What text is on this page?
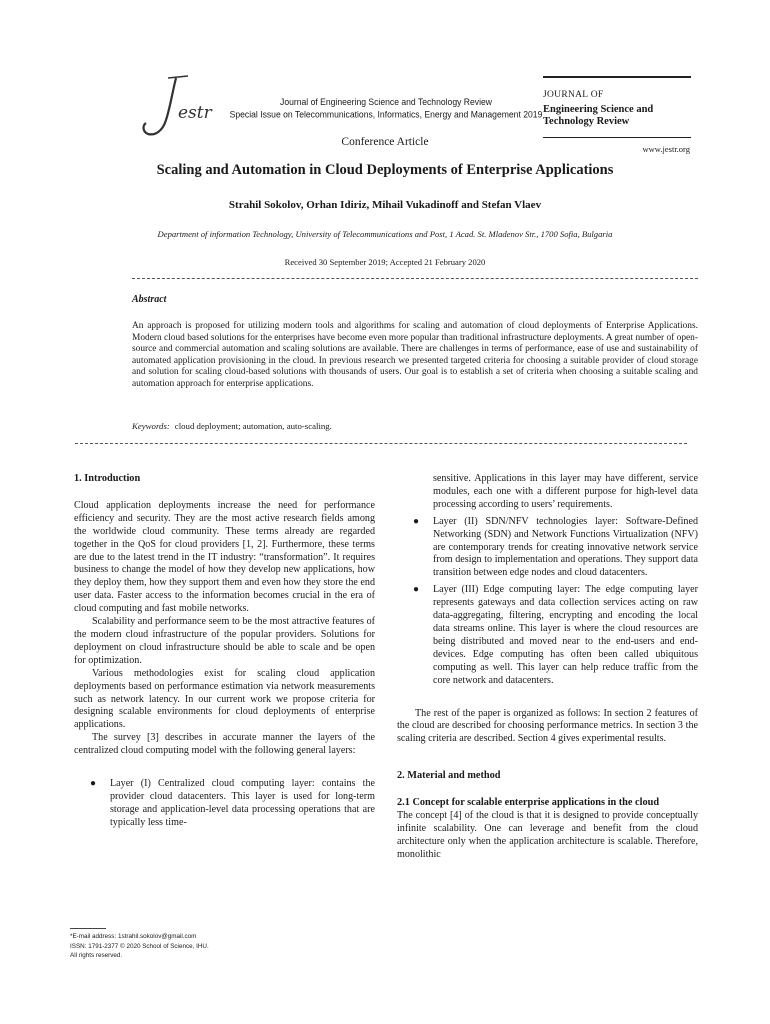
estr
Journal of Engineering Science and Technology Review
Special Issue on Telecommunications, Informatics, Energy and Management 2019
Conference Article
JOURNAL OF
Engineering Science and
Technology Review
www.jestr.org
Scaling and Automation in Cloud Deployments of Enterprise Applications
Strahil Sokolov, Orhan Idiriz, Mihail Vukadinoff and Stefan Vlaev
Department of information Technology, University of Telecommunications and Post, 1 Acad. St. Mladenov Str., 1700 Sofia, Bulgaria
Received 30 September 2019; Accepted 21 February 2020
Abstract
An approach is proposed for utilizing modern tools and algorithms for scaling and automation of cloud deployments of Enterprise Applications. Modern cloud based solutions for the enterprises have become even more popular than traditional infrastructure deployments. A great number of open-source and commercial automation and scaling solutions are available. There are challenges in terms of performance, ease of use and sustainability of automated application provisioning in the cloud. In previous research we presented targeted criteria for choosing a suitable provider of cloud storage and solution for scaling cloud-based solutions with thousands of users. Our goal is to establish a set of criteria when choosing a suitable scaling and automation approach for enterprise applications.
Keywords: cloud deployment; automation, auto-scaling.

1. Introduction

Cloud application deployments increase the need for performance efficiency and security. They are the most active research fields among the worldwide cloud community. These terms already are regarded together in the QoS for cloud providers [1, 2]. Furthermore, these terms are due to the latest trend in the IT industry: “transformation”. It requires business to change the model of how they develop new applications, how they deploy them, how they support them and even how they store the end user data. Faster access to the information becomes crucial in the era of cloud computing and fast mobile networks.

Scalability and performance seem to be the most attractive features of the modern cloud infrastructure of the popular providers. Solutions for deployment on cloud infrastructure should be able to scale and be open for optimization.

Various methodologies exist for scaling cloud application deployments based on performance estimation via network measurements such as network latency. In our current work we propose criteria for designing scalable environments for cloud deployments of enterprise applications.

The survey [3] describes in accurate manner the layers of the centralized cloud computing model with the following general layers:

● Layer (I) Centralized cloud computing layer: contains the provider cloud datacenters. This layer is used for long-term storage and application-level data processing operations that are typically less time-
*E-mail address: 1strahil.sokolov@gmail.com
ISSN: 1791-2377 © 2020 School of Science, IHU.
All rights reserved.
sensitive. Applications in this layer may have different, service modules, each one with a different purpose for high-level data processing according to users’ requirements.
● Layer (II) SDN/NFV technologies layer: Software-Defined Networking (SDN) and Network Functions Virtualization (NFV) are contemporary trends for creating innovative network service from design to implementation and operations. They support data transition between edge nodes and cloud datacenters.
● Layer (III) Edge computing layer: The edge computing layer represents gateways and data collection services acting on raw data-aggregating, filtering, encrypting and encoding the local data streams online. This layer is where the cloud resources are being distributed and moved near to the end-users and end-devices. Edge computing has often been called ubiquitous computing as well. This layer can help reduce traffic from the core network and datacenters.

The rest of the paper is organized as follows: In section 2 features of the cloud are described for choosing performance metrics. In section 3 the scaling criteria are described. Section 4 gives experimental results.

2. Material and method

2.1 Concept for scalable enterprise applications in the cloud

The concept [4] of the cloud is that it is designed to provide conceptually infinite scalability. One can leverage and benefit from the cloud architecture only when the application architecture is scalable. Therefore, monolithic
